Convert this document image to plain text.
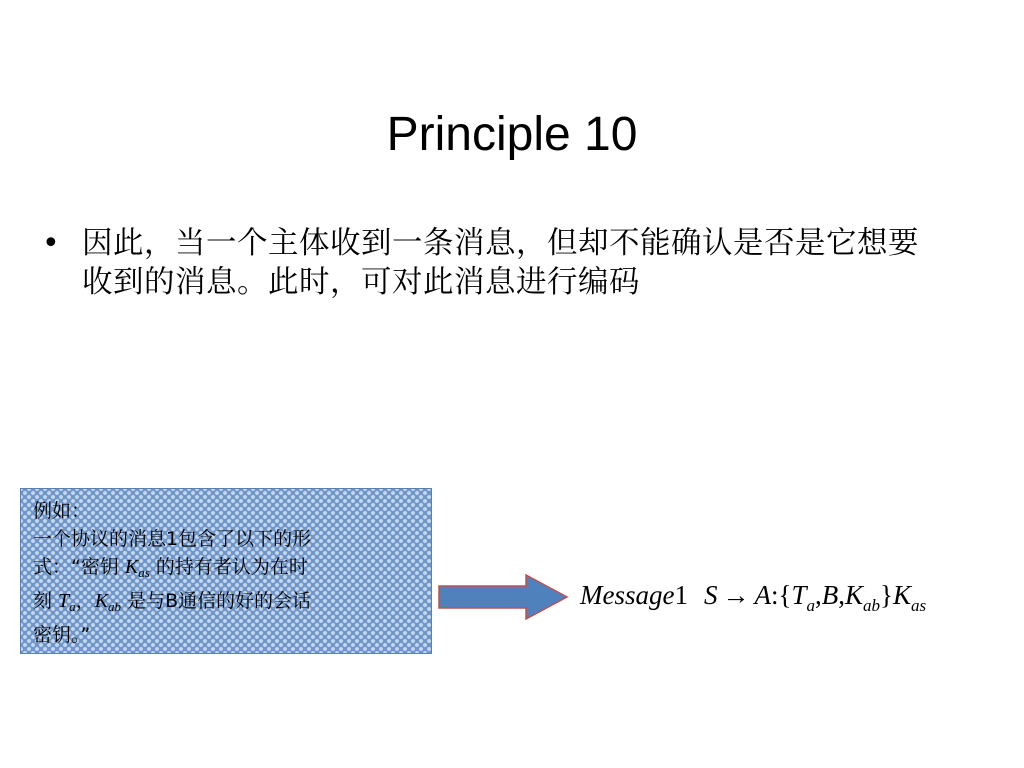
Principle 10
• 因此，当一个主体收到一条消息，但却不能确认是否是它想要收到的消息。此时，可对此消息进行编码
例如：
一个协议的消息1包含了以下的形
式：“密钥 $K_{as}$ 的持有者认为在时
刻 $T_a$，$K_{ab}$ 是与B通信的好的会话
密钥。”
Message1 $S \to A:\{T_a,B,K_{ab}\}K_{as}$
